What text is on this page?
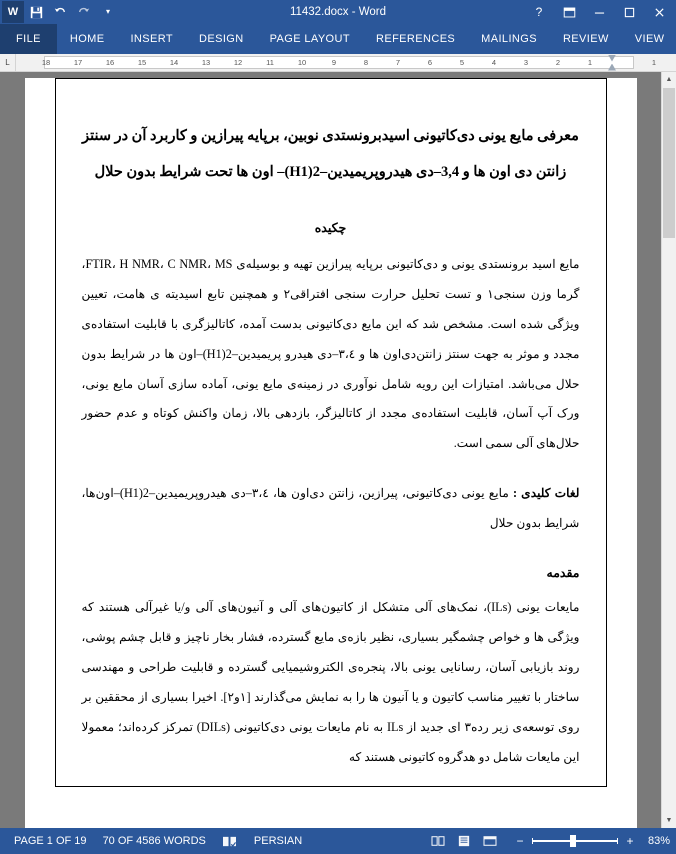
W	▾	11432.docx - Word	?
FILE	HOME	INSERT	DESIGN	PAGE LAYOUT	REFERENCES	MAILINGS	REVIEW	VIEW
L	18	17	16	15	14	13	12	11	10	9	8	7	6	5	4	3	2	1	1
معرفی مایع یونی دی‌کاتیونی اسیدبرونستدی نوبین، برپایه پیرازین و کاربرد آن در سنتز
زانتن دی اون ها و 3,4–دی هیدروپریمیدین–2(H1)– اون ها تحت شرایط بدون حلال
چکیده
مایع اسید برونستدی یونی و دی‌کاتیونی برپایه پیرازین تهیه و بوسیله‌ی FTIR، H NMR، C NMR، MS، گرما وزن سنجی١ و تست تحلیل حرارت سنجی افتراقی٢ و همچنین تابع اسیدیته ی هامت، تعیین ویژگی شده است. مشخص شد که این مایع دی‌کاتیونی بدست آمده، کاتالیزگری با قابلیت استفاده‌ی مجدد و موثر به جهت سنتز زانتن‌دی‌اون ها و ٣،٤–دی هیدرو پریمیدین–2(H1)–اون ها در شرایط بدون حلال می‌باشد. امتیازات این رویه شامل نوآوری در زمینه‌ی مایع یونی، آماده سازی آسان مایع یونی، ورک آپ آسان، قابلیت استفاده‌ی مجدد از کاتالیزگر، بازدهی بالا، زمان واکنش کوتاه و عدم حضور حلال‌های آلی سمی است.
لغات کلیدی : مایع یونی دی‌کاتیونی، پیرازین، زانتن دی‌اون ها، ٣،٤–دی هیدروپریمیدین–2(H1)–اون‌ها، شرایط بدون حلال
مقدمه
مایعات یونی (ILs)، نمک‌های آلی متشکل از کاتیون‌های آلی و آنیون‌های آلی و/یا غیرآلی هستند که ویژگی ها و خواص چشمگیر بسیاری، نظیر بازه‌ی مایع گسترده، فشار بخار ناچیز و قابل چشم پوشی، روند بازیابی آسان، رسانایی یونی بالا، پنجره‌ی الکتروشیمیایی گسترده و قابلیت طراحی و مهندسی ساختار با تغییر مناسب کاتیون و یا آنیون ها را به نمایش می‌گذارند [١و٢]. اخیرا بسیاری از محققین بر روی توسعه‌ی زیر رده٣ ای جدید از ILs به نام مایعات یونی دی‌کاتیونی (DILs) تمرکز کرده‌اند؛ معمولا این مایعات شامل دو هدگروه کاتیونی هستند که
▲
▼
PAGE 1 OF 19	70 OF 4586 WORDS	PERSIAN	−	+	83%
